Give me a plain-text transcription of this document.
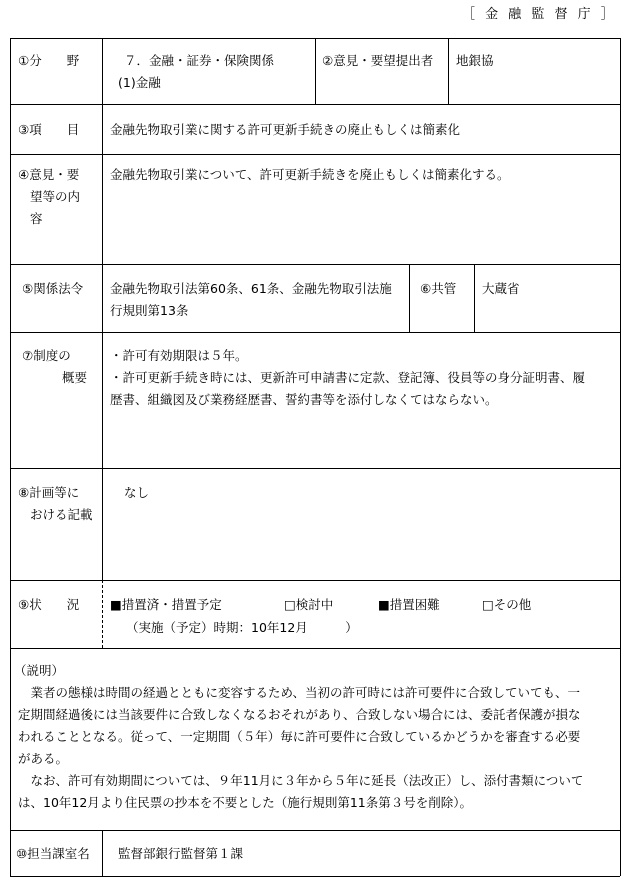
［ 金 融 監 督 庁 ］
①分　　野	７．金融・証券・保険関係
(1)金融
②意見・要望提出者 地銀協
③項　　目 金融先物取引業に関する許可更新手続きの廃止もしくは簡素化
④意見・要
望等の内
容
金融先物取引業について、許可更新手続きを廃止もしくは簡素化する。
⑤関係法令 金融先物取引法第60条、61条、金融先物取引法施
行規則第13条
⑥共管 大蔵省
⑦制度の
概要
・許可有効期限は５年。
・許可更新手続き時には、更新許可申請書に定款、登記簿、役員等の身分証明書、履
歴書、組織図及び業務経歴書、誓約書等を添付しなくてはならない。
⑧計画等に
おける記載
なし
⑨状　　況 ■措置済・措置予定	□検討中	■措置困難	□その他
（実施（予定）時期：10年12月　　　）

（説明）

　業者の態様は時間の経過とともに変容するため、当初の許可時には許可要件に合致していても、一

定期間経過後には当該要件に合致しなくなるおそれがあり、合致しない場合には、委託者保護が損な

われることとなる。従って、一定期間（５年）毎に許可要件に合致しているかどうかを審査する必要

がある。

　なお、許可有効期間については、９年11月に３年から５年に延長（法改正）し、添付書類について

は、10年12月より住民票の抄本を不要とした（施行規則第11条第３号を削除）。

⑩担当課室名 監督部銀行監督第１課
